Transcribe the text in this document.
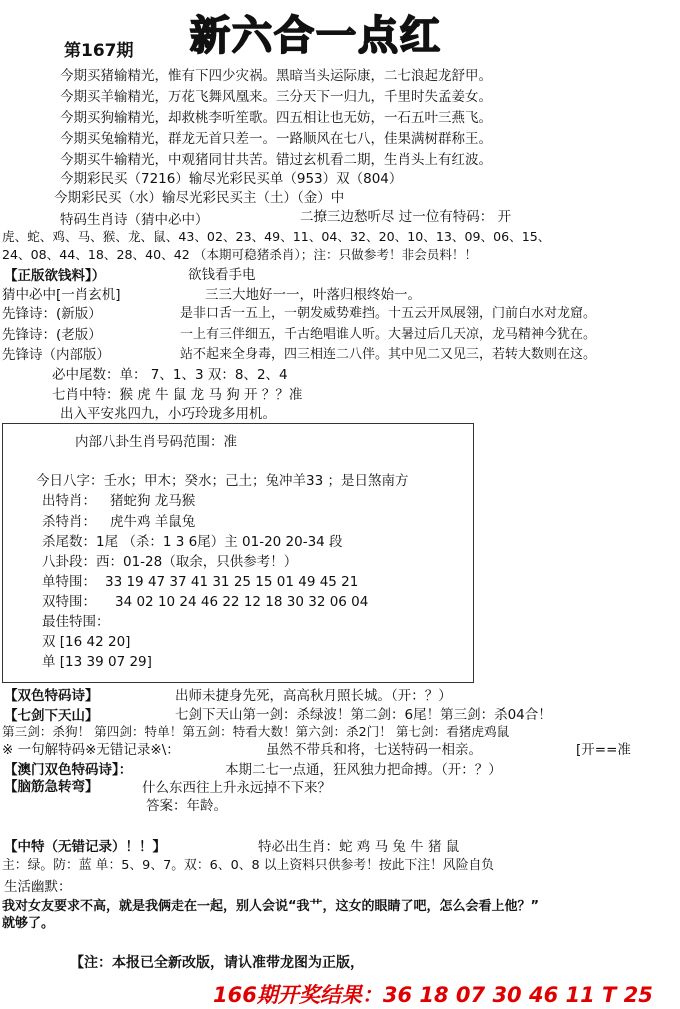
新六合一点红
第167期
今期买猪输精光，惟有下四少灾祸。黑暗当头运际康，二七浪起龙舒甲。
今期买羊输精光，万花飞舞风凰来。三分天下一归九，千里时失孟姜女。
今期买狗输精光，却救桃李听笙歌。四五相让也无妨，一石五叶三燕飞。
今期买兔输精光，群龙无首只差一。一路顺风在七八，佳果满树群称王。
今期买牛输精光，中观猪同甘共苦。错过玄机看二期，生肖头上有红波。
今期彩民买（7216）输尽光彩民买单（953）双（804）
今期彩民买（水）输尽光彩民买主（土）（金）中
特码生肖诗（猜中必中）	二撩三边愁听尽 过一位有特码： 开
虎、蛇、鸡、马、猴、龙、鼠、43、02、23、49、11、04、32、20、10、13、09、06、15、
24、08、44、18、28、40、42 （本期可稳猪杀肖）；注：只做参考！非会员料！！
【正版欲钱料】）	欲钱看手电
猜中必中[一肖玄机]	三三大地好一一，叶落归根终始一。
先锋诗：(新版）	是非口舌一五上，一朝发威势难挡。十五云开凤展翎，门前白水对龙窟。
先锋诗：(老版）	一上有三伴细五，千古绝唱谁人听。大暑过后几天凉，龙马精神今犹在。
先锋诗（内部版）	站不起来全身毒，四三相连二八伴。其中见二又见三，若转大数则在这。
必中尾数：单： 7、1、3 双：8、2、4
七肖中特：猴 虎 牛 鼠 龙 马 狗 开 ？？准
出入平安兆四九，小巧玲珑多用机。
内部八卦生肖号码范围：准
今日八字：壬水；甲木；癸水；己土；兔冲羊33 ；是日煞南方
出特肖： 猪蛇狗 龙马猴
杀特肖： 虎牛鸡 羊鼠兔
杀尾数：1尾 （杀：1 3 6尾）主 01-20 20-34 段
八卦段：西：01-28（取余，只供参考！）
单特围： 33 19 47 37 41 31 25 15 01 49 45 21
双特围： 34 02 10 24 46 22 12 18 30 32 06 04
最佳特围：
双 [16 42 20]
单 [13 39 07 29]
【双色特码诗】	出师未捷身先死，高高秋月照长城。（开：？）
【七剑下天山】	七剑下天山第一剑：杀绿波！第二剑：6尾！第三剑：杀04合！
第三剑：杀狗！ 第四剑：特单！第五剑：特看大数！第六剑：杀2门！ 第七剑：看猪虎鸡鼠
※ 一句解特码※无错记录※\：	虽然不带兵和将，七送特码一相亲。	[开==准
【澳门双色特码诗】：	本期二七一点通，狂风独力把命搏。（开：？）
【脑筋急转弯】	什么东西往上升永远掉不下来？
答案：年龄。
【中特（无错记录）！！】	特必出生肖：蛇 鸡 马 兔 牛 猪 鼠
主：绿。防：蓝 单：5、9、7。双：6、0、8 以上资料只供参考！按此下注！风险自负
生活幽默：
我对女友要求不高，就是我俩走在一起，别人会说“我艹，这女的眼睛了吧，怎么会看上他？”
就够了。
【注：本报已全新改版，请认准带龙图为正版，
166期开奖结果：36 18 07 30 46 11 T 25
